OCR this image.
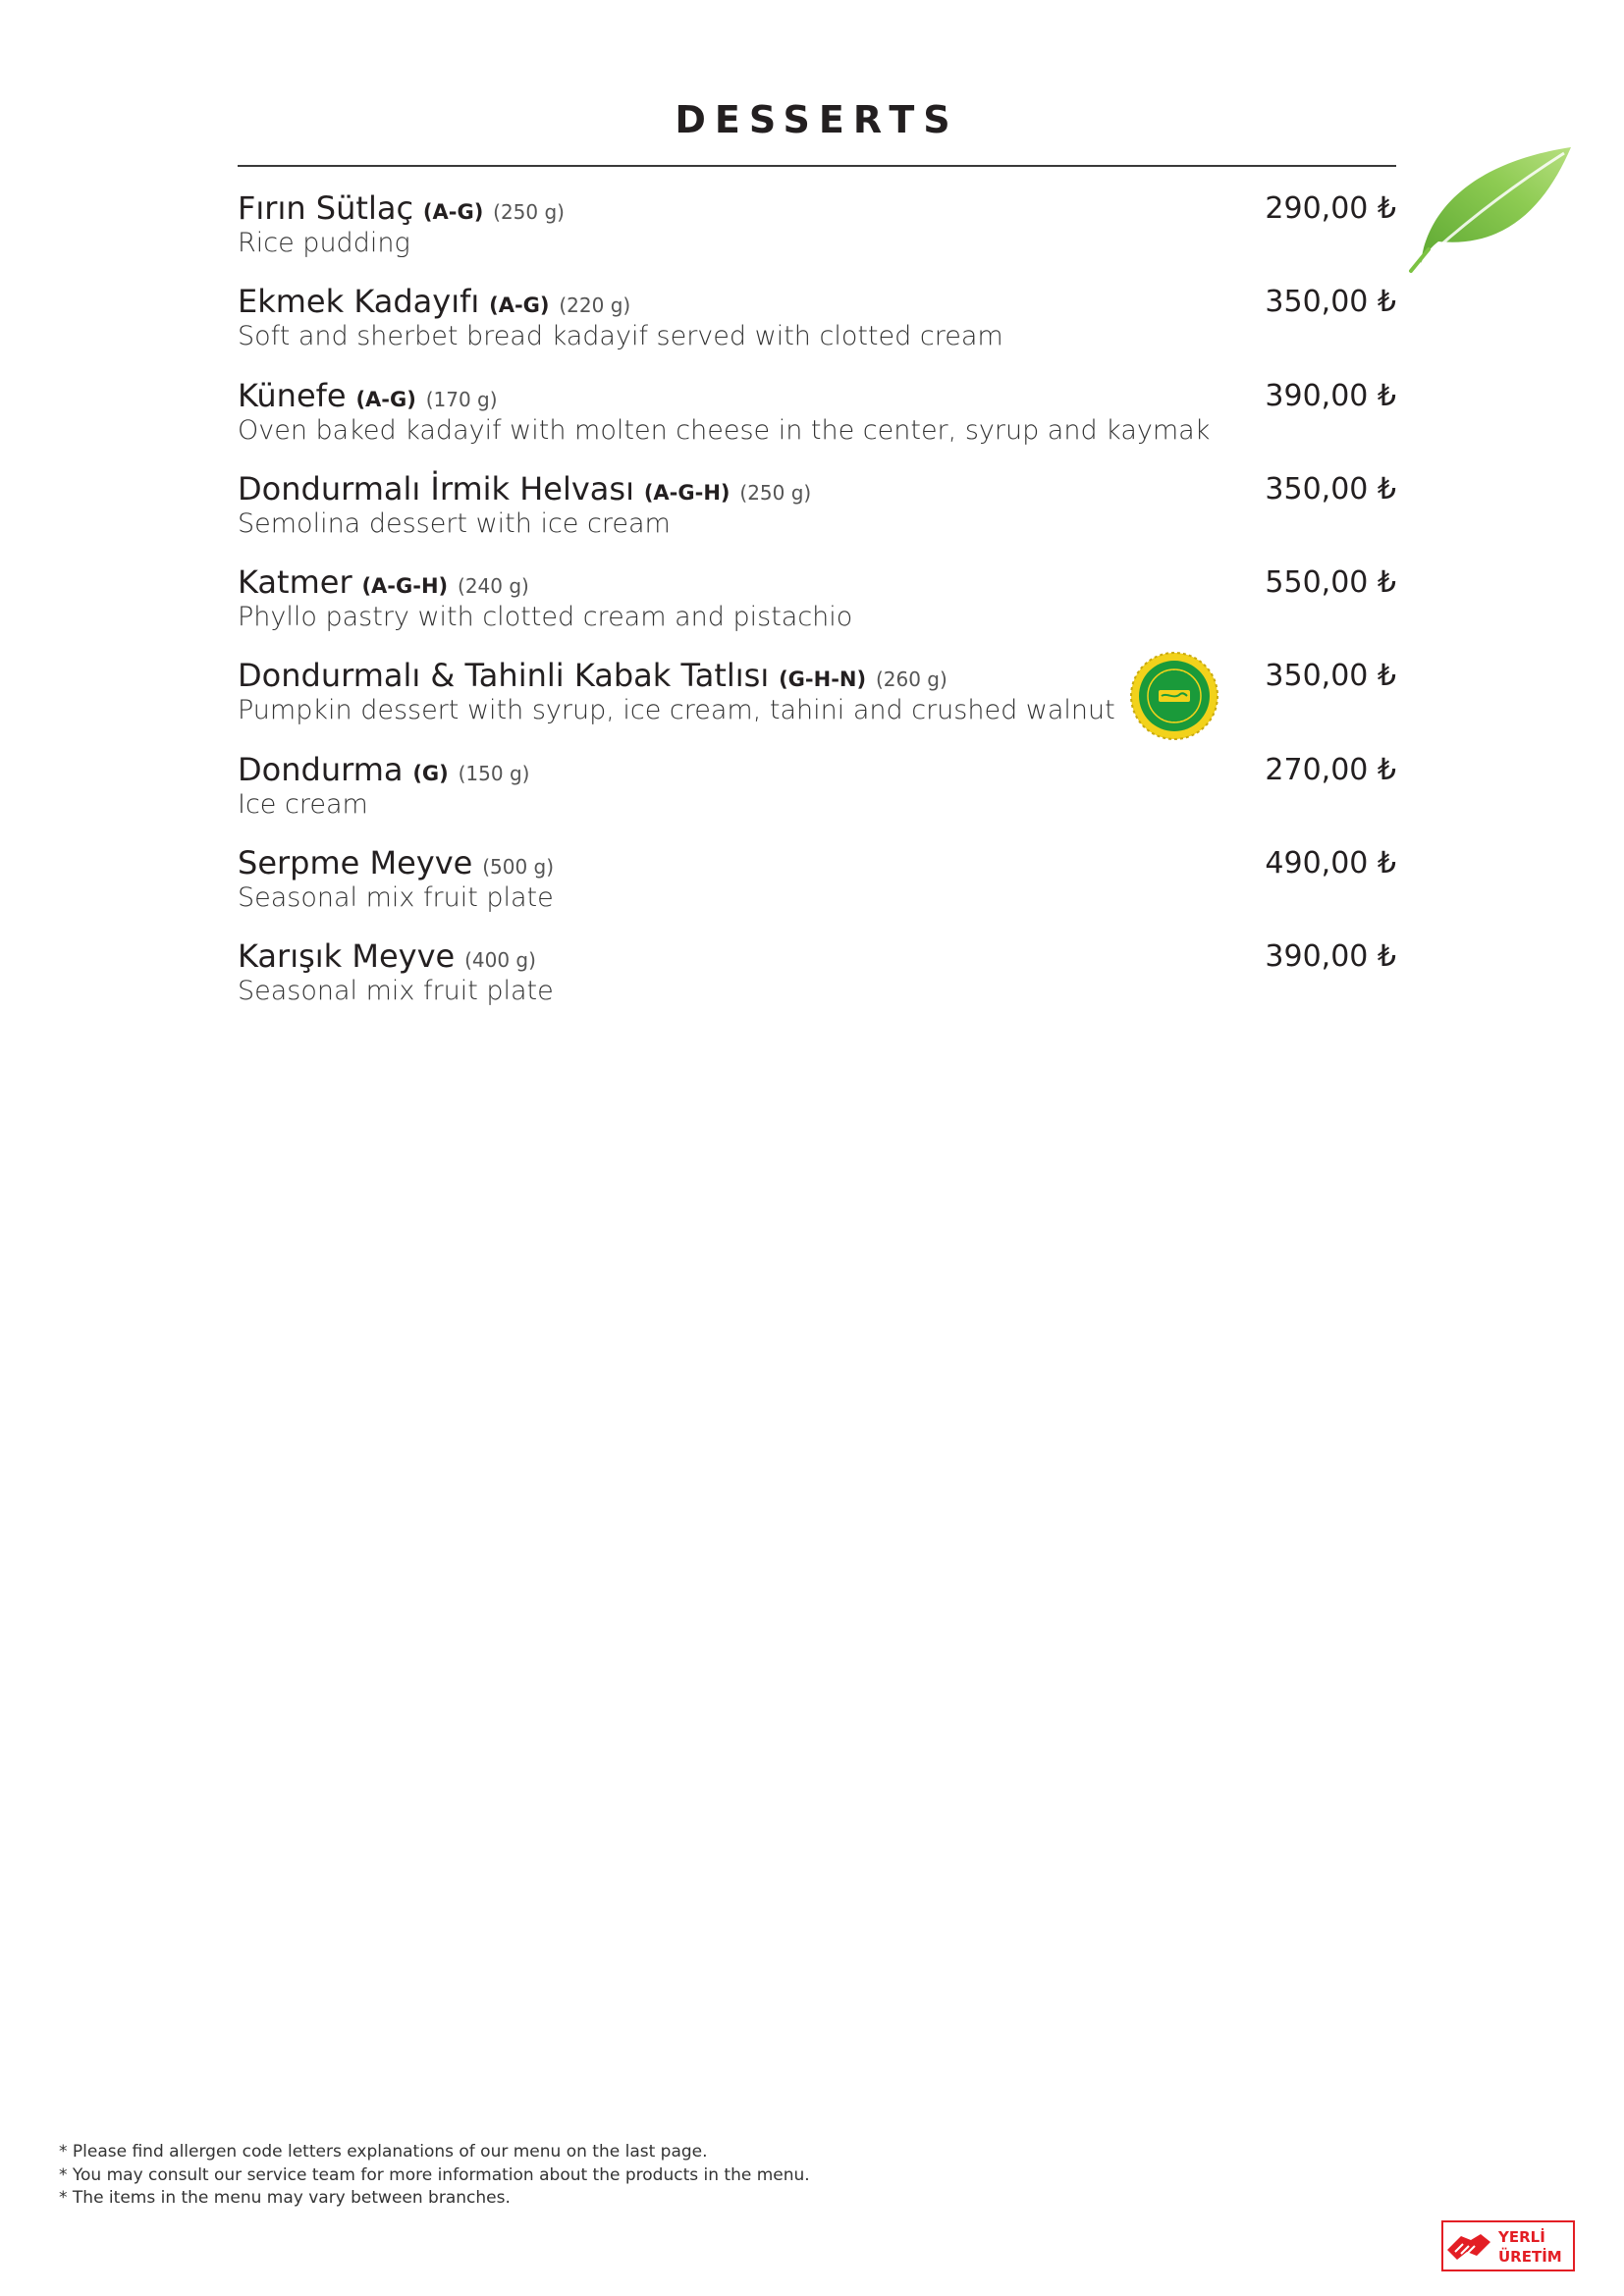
DESSERTS
Fırın Sütlaç (A-G) (250 g)
Rice pudding
290,00 ₺
Ekmek Kadayıfı (A-G) (220 g)
Soft and sherbet bread kadayif served with clotted cream
350,00 ₺
Künefe (A-G) (170 g)
Oven baked kadayif with molten cheese in the center, syrup and kaymak
390,00 ₺
Dondurmalı İrmik Helvası (A-G-H) (250 g)
Semolina dessert with ice cream
350,00 ₺
Katmer (A-G-H) (240 g)
Phyllo pastry with clotted cream and pistachio
550,00 ₺
Dondurmalı & Tahinli Kabak Tatlısı (G-H-N) (260 g)
Pumpkin dessert with syrup, ice cream, tahini and crushed walnut
350,00 ₺
Dondurma (G) (150 g)
Ice cream
270,00 ₺
Serpme Meyve (500 g)
Seasonal mix fruit plate
490,00 ₺
Karışık Meyve (400 g)
Seasonal mix fruit plate
390,00 ₺
* Please find allergen code letters explanations of our menu on the last page.
* You may consult our service team for more information about the products in the menu.
* The items in the menu may vary between branches.
YERLİ
ÜRETİM
